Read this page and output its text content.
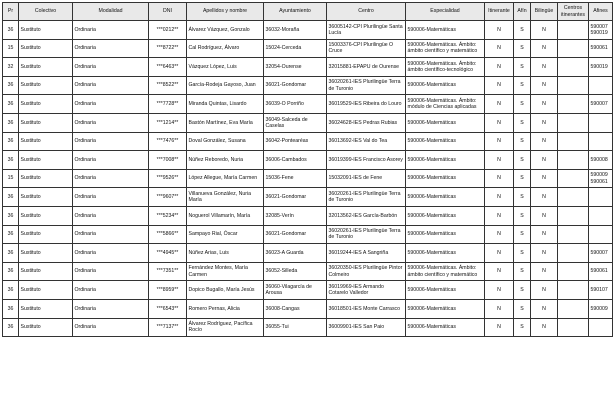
Pr	Colectivo	Modalidad	DNI	Apellidos y nombre	Ayuntamiento	Centro	Especialidad	Itinerante	Afín	Bilingüe	Centros itinerantes	Afines
36	Sustituto	Ordinaria	***0212**	Álvarez Vázquez, Gonzalo	36032-Moraña	36005142-CPI Plurilingüe Santa Lucía	590006-Matemáticas	N	S	N		590007
590019
15	Sustituto	Ordinaria	***8722**	Cal Rodríguez, Álvaro	15024-Cerceda	15003376-CPI Plurilingüe O Cruce	590006-Matemáticas. Ámbito: ámbito científico y matemático	N	S	N		590061
32	Sustituto	Ordinaria	***6463**	Vázquez López, Luis	32054-Ourense	32015881-EPAPU de Ourense	590006-Matemáticas. Ámbito: ámbito científico-tecnológico	N	S	N		590019
36	Sustituto	Ordinaria	***8522**	García-Rodeja Gayoso, Juan	36021-Gondomar	36020261-IES Plurilingüe Terra de Turonio	590006-Matemáticas	N	S	N		
36	Sustituto	Ordinaria	***7728**	Miranda Quintas, Lisardo	36039-O Porriño	36019529-IES Ribeira do Louro	590006-Matemáticas. Ámbito: módulo de Ciencias aplicadas	N	S	N		590007
36	Sustituto	Ordinaria	***1214**	Bastón Martínez, Eva María	36049-Salceda de Caselas	36024628-IES Pedras Rubias	590006-Matemáticas	N	S	N		
36	Sustituto	Ordinaria	***7476**	Doval González, Susana	36042-Pontearéas	36013692-IES Val do Tea	590006-Matemáticas	N	S	N		
36	Sustituto	Ordinaria	***7008**	Núñez Reboredo, Nuria	36006-Cambados	36019399-IES Francisco Asorey	590006-Matemáticas	N	S	N		590008
15	Sustituto	Ordinaria	***9526**	López Allegue, María Carmen	15036-Fene	15032091-IES de Fene	590006-Matemáticas	N	S	N		590009
590061
36	Sustituto	Ordinaria	***9607**	Villanueva González, Nuria María	36021-Gondomar	36020261-IES Plurilingüe Terra de Turonio	590006-Matemáticas	N	S	N		
36	Sustituto	Ordinaria	***5234**	Noguerol Villamarín, María	32085-Verín	32013562-IES García-Barbón	590006-Matemáticas	N	S	N		
36	Sustituto	Ordinaria	***5866**	Sampayo Rial, Óscar	36021-Gondomar	36020261-IES Plurilingüe Terra de Turonio	590006-Matemáticas	N	S	N		
36	Sustituto	Ordinaria	***4945**	Núñez Arias, Luis	36023-A Guarda	36019244-IES A Sangriña	590006-Matemáticas	N	S	N		590007
36	Sustituto	Ordinaria	***7351**	Fernández Montes, María Carmen	36052-Silleda	36020350-IES Plurilingüe Pintor Colmeiro	590006-Matemáticas. Ámbito: ámbito científico y matemático	N	S	N		590061
36	Sustituto	Ordinaria	***8959**	Dopico Bugallo, María Jesús	36060-Vilagarcía de Arousa	36019969-IES Armando Cotarelo Valledor	590006-Matemáticas	N	S	N		590107
36	Sustituto	Ordinaria	***6543**	Romero Pernas, Alicia	36008-Cangas	36018501-IES Monte Carrasco	590006-Matemáticas	N	S	N		590009
36	Sustituto	Ordinaria	***7137**	Álvarez Rodríguez, Pacífica Rocío	36055-Tui	36009901-IES San Paio	590006-Matemáticas	N	S	N		
